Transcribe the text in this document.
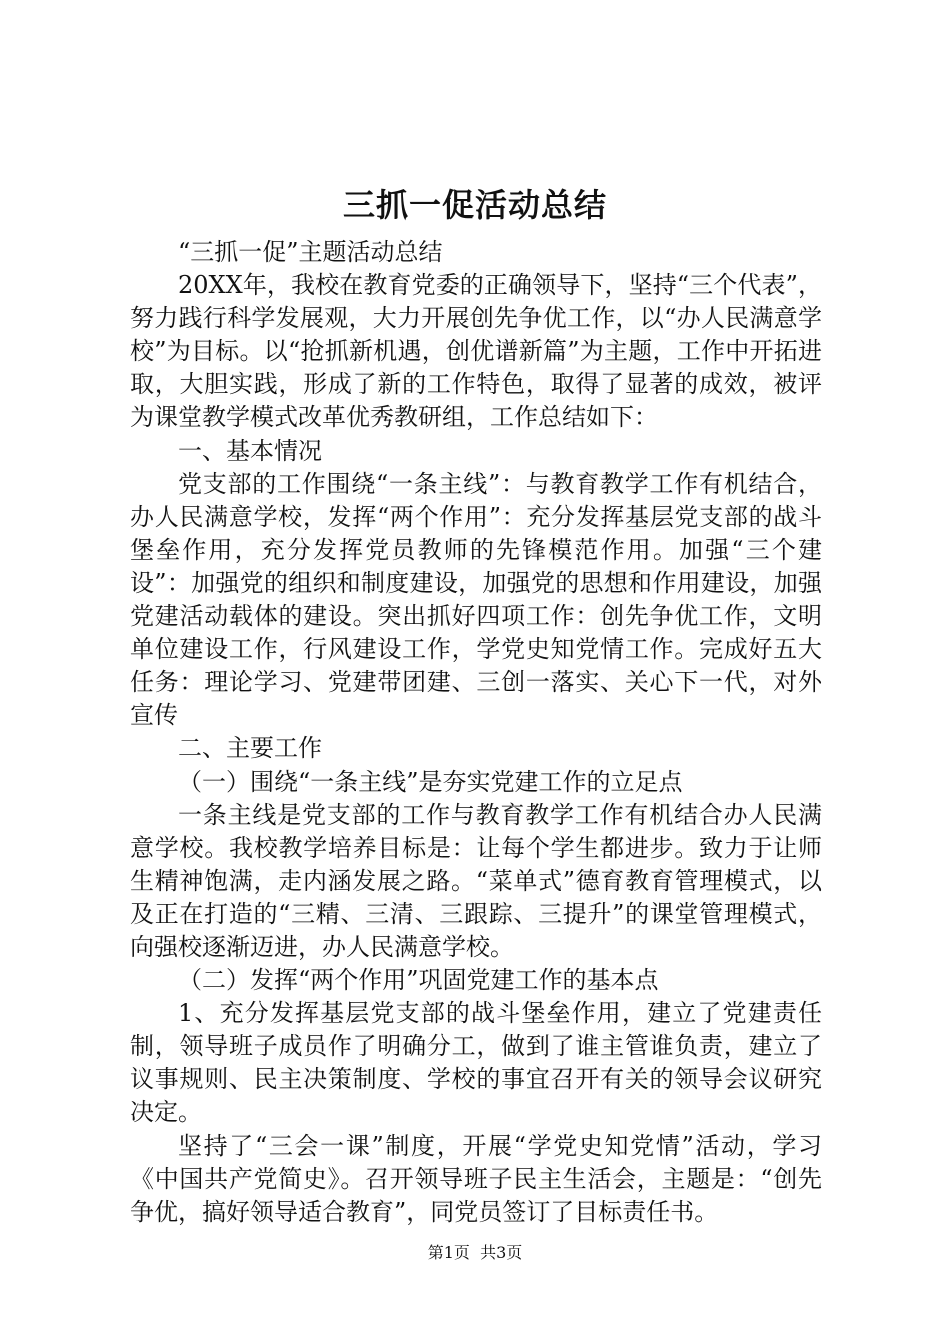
三抓一促活动总结

“三抓一促”主题活动总结

20XX年，我校在教育党委的正确领导下，坚持“三个代表”，努力践行科学发展观，大力开展创先争优工作，以“办人民满意学校”为目标。以“抢抓新机遇，创优谱新篇”为主题，工作中开拓进取，大胆实践，形成了新的工作特色，取得了显著的成效，被评为课堂教学模式改革优秀教研组，工作总结如下：

一、基本情况

党支部的工作围绕“一条主线”：与教育教学工作有机结合，办人民满意学校，发挥“两个作用”：充分发挥基层党支部的战斗堡垒作用，充分发挥党员教师的先锋模范作用。加强“三个建设”：加强党的组织和制度建设，加强党的思想和作用建设，加强党建活动载体的建设。突出抓好四项工作：创先争优工作，文明单位建设工作，行风建设工作，学党史知党情工作。完成好五大任务：理论学习、党建带团建、三创一落实、关心下一代，对外宣传

二、主要工作

（一）围绕“一条主线”是夯实党建工作的立足点

一条主线是党支部的工作与教育教学工作有机结合办人民满意学校。我校教学培养目标是：让每个学生都进步。致力于让师生精神饱满，走内涵发展之路。“菜单式”德育教育管理模式，以及正在打造的“三精、三清、三跟踪、三提升”的课堂管理模式，向强校逐渐迈进，办人民满意学校。

（二）发挥“两个作用”巩固党建工作的基本点

1、充分发挥基层党支部的战斗堡垒作用，建立了党建责任制，领导班子成员作了明确分工，做到了谁主管谁负责，建立了议事规则、民主决策制度、学校的事宜召开有关的领导会议研究决定。

坚持了“三会一课”制度，开展“学党史知党情”活动，学习《中国共产党简史》。召开领导班子民主生活会，主题是：“创先争优，搞好领导适合教育”，同党员签订了目标责任书。

第1页 共3页
